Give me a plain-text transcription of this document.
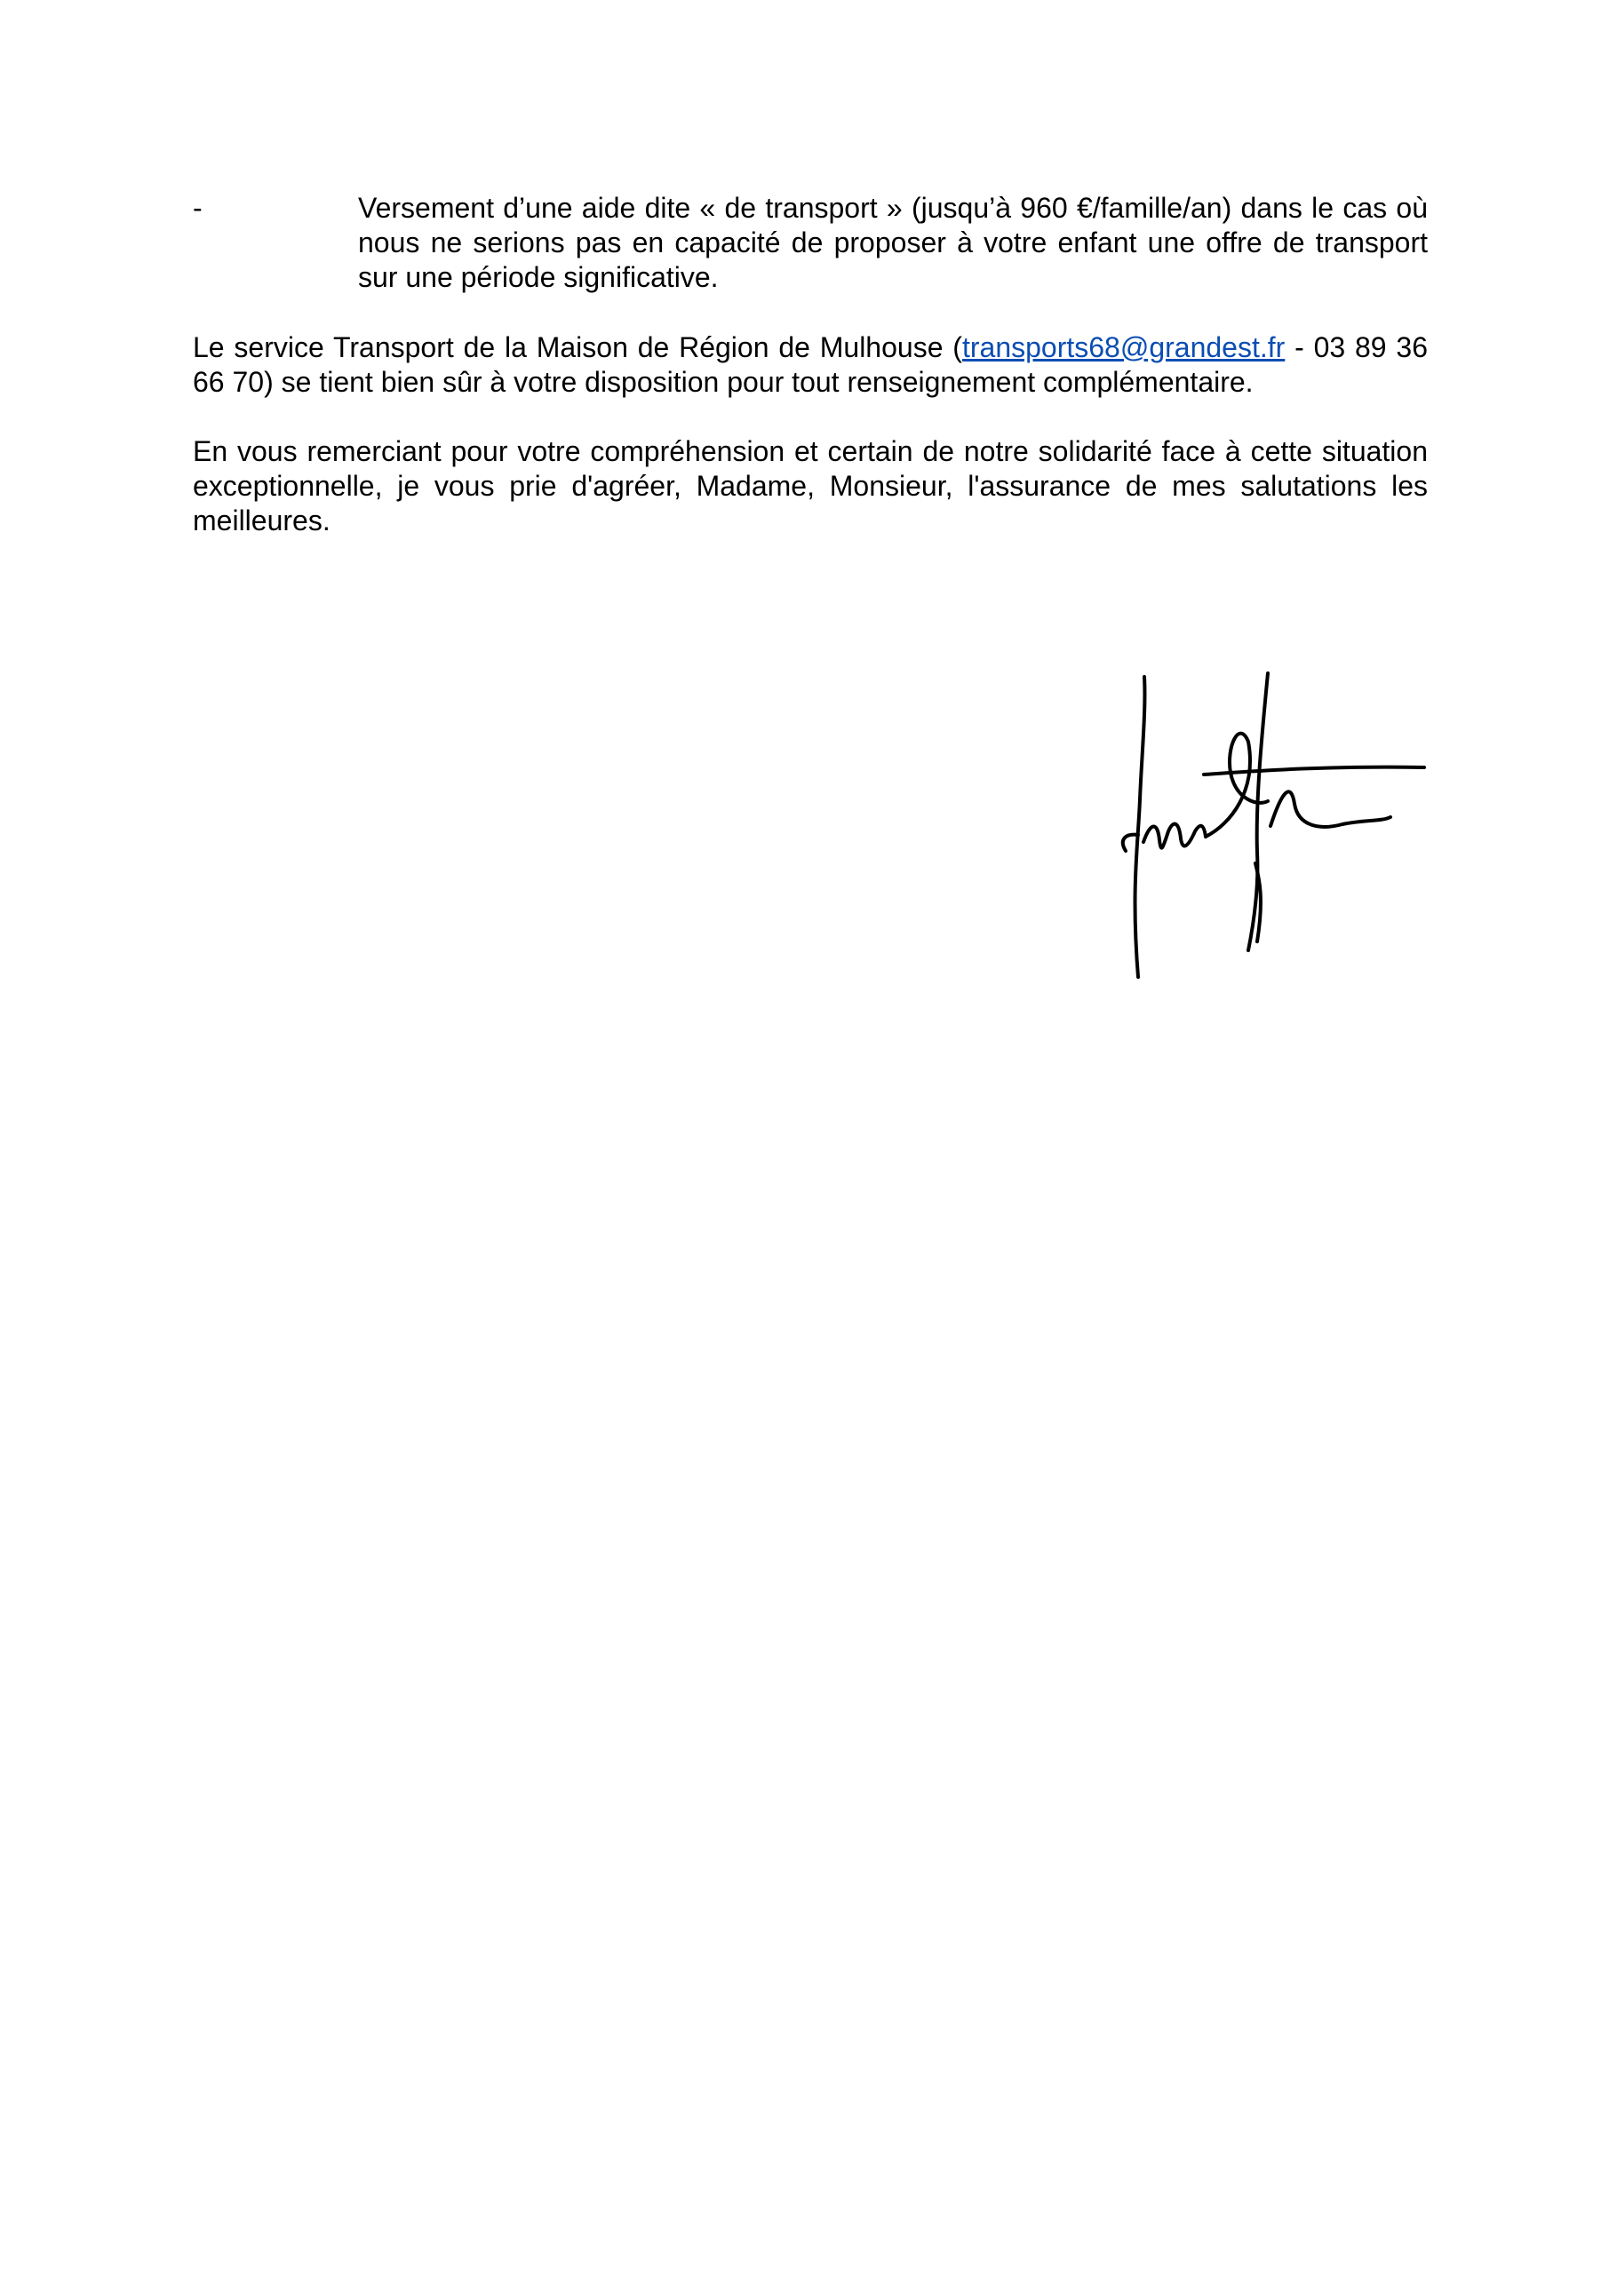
-	Versement d’une aide dite « de transport » (jusqu’à 960 €/famille/an) dans le cas où nous ne serions pas en capacité de proposer à votre enfant une offre de transport sur une période significative.
Le service Transport de la Maison de Région de Mulhouse (transports68@grandest.fr - 03 89 36 66 70) se tient bien sûr à votre disposition pour tout renseignement complémentaire.
En vous remerciant pour votre compréhension et certain de notre solidarité face à cette situation exceptionnelle, je vous prie d'agréer, Madame, Monsieur, l'assurance de mes salutations les meilleures.
